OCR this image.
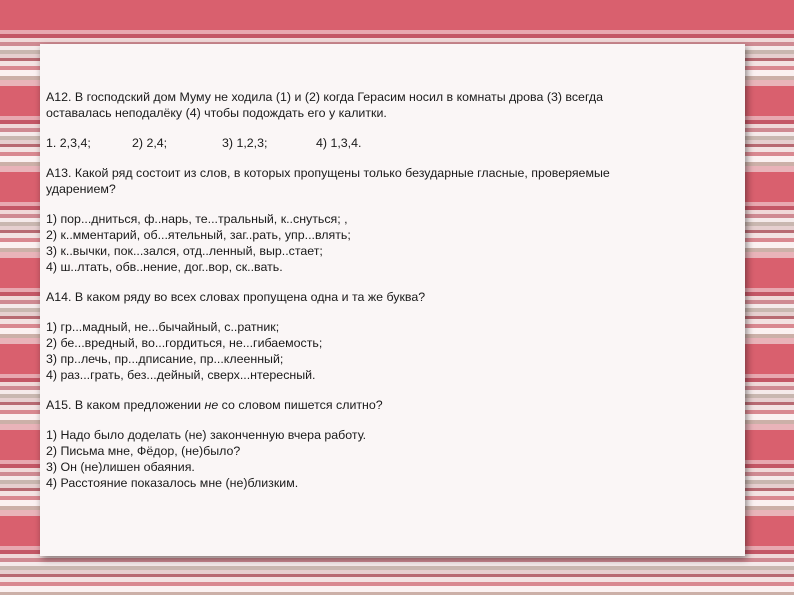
А12. В господский дом Муму не ходила (1) и (2) когда Герасим носил в комнаты дрова (3) всегда

оставалась неподалёку (4) чтобы подождать его у калитки.

1. 2,3,4;	2) 2,4;	3) 1,2,3;	4) 1,3,4.

А13. Какой ряд состоит из слов, в которых пропущены только безударные гласные, проверяемые

ударением?

1) пор...дниться, ф..нарь, те...тральный, к..снуться; ,

2) к..мментарий, об...ятельный, заг..рать, упр...влять;

3) к..вычки, пок...зался, отд..ленный, выр..стает;

4) ш..лтать, обв..нение, дог..вор, ск..вать.

А14. В каком ряду во всех словах пропущена одна и та же буква?

1) гр...мадный, не...бычайный, с..ратник;

2) бе...вредный, во...гордиться, не...гибаемость;

3) пр..лечь, пр...дписание, пр...клеенный;

4) раз...грать, без...дейный, сверх...нтересный.

А15. В каком предложении не со словом пишется слитно?

1) Надо было доделать (не) законченную вчера работу.

2) Письма мне, Фёдор, (не)было?

3) Он (не)лишен обаяния.

4) Расстояние показалось мне (не)близким.
